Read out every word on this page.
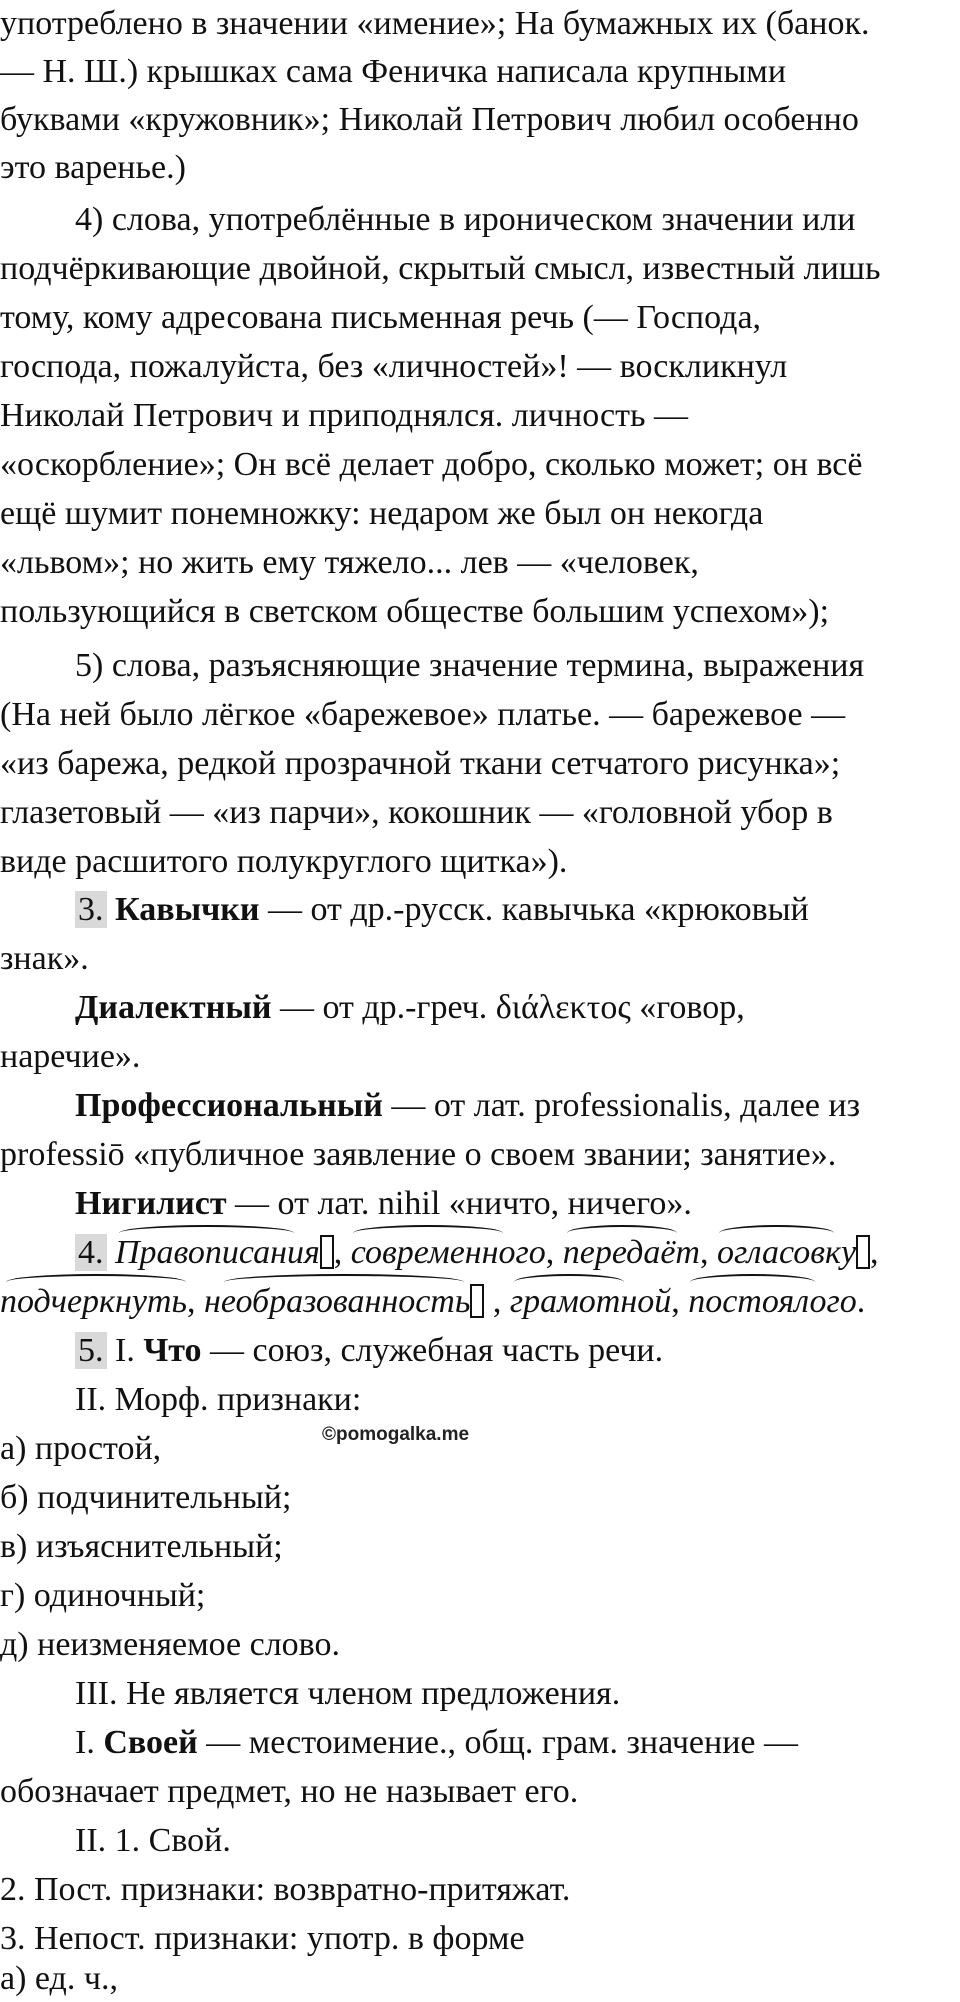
употреблено в значении «имение»; На бумажных их (банок.
— Н. Ш.) крышках сама Феничка написала крупными
буквами «кружовник»; Николай Петрович любил особенно
это варенье.)
4) слова, употреблённые в ироническом значении или
подчёркивающие двойной, скрытый смысл, известный лишь
тому, кому адресована письменная речь (— Господа,
господа, пожалуйста, без «личностей»! — воскликнул
Николай Петрович и приподнялся. личность —
«оскорбление»; Он всё делает добро, сколько может; он всё
ещё шумит понемножку: недаром же был он некогда
«львом»; но жить ему тяжело... лев — «человек,
пользующийся в светском обществе большим успехом»);
5) слова, разъясняющие значение термина, выражения
(На ней было лёгкое «барежевое» платье. — барежевое —
«из барежа, редкой прозрачной ткани сетчатого рисунка»;
глазетовый — «из парчи», кокошник — «головной убор в
виде расшитого полукруглого щитка»).
3. Кавычки — от др.-русск. кавычька «крюковый
знак».
Диалектный — от др.-греч. διάλεκτος «говор,
наречие».
Профессиональный — от лат. professionalis, далее из
professiō «публичное заявление о своем звании; занятие».
Нигилист — от лат. nihil «ничто, ничего».
4. Правописания , современного
, передаёт
, огласовку ,
подчеркнуть
, необразованность
, грамотной
, постоялого
.
5. I. Что — союз, служебная часть речи.
II. Морф. признаки:
а) простой,	©pomogalka.me
б) подчинительный;
в) изъяснительный;
г) одиночный;
д) неизменяемое слово.
III. Не является членом предложения.
I. Своей — местоимение., общ. грам. значение —
обозначает предмет, но не называет его.
II. 1. Свой.
2. Пост. признаки: возвратно-притяжат.
3. Непост. признаки: употр. в форме
а) ед. ч.,
